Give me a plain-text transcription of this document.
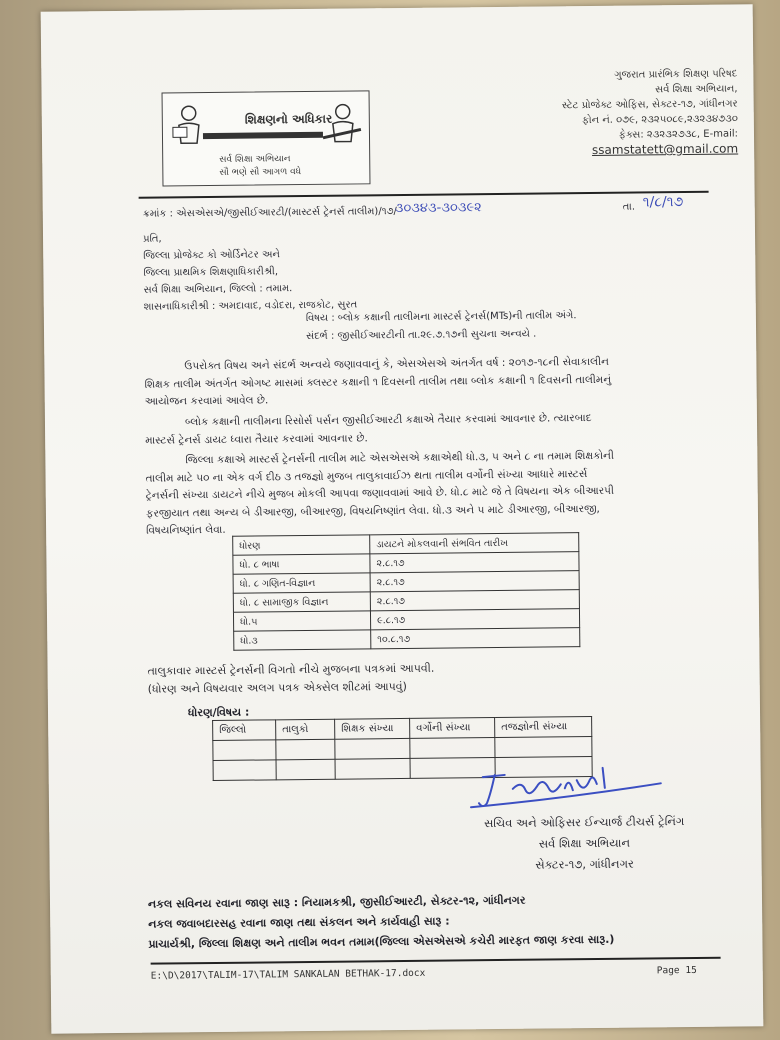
શિક્ષણનો અધિકાર
સર્વ શિક્ષા અભિયાન
સૌ ભણે સૌ આગળ વધે
ગુજરાત પ્રારંભિક શિક્ષણ પરિષદ
સર્વ શિક્ષા અભિયાન,
સ્ટેટ પ્રોજેક્ટ ઓફિસ, સેક્ટર-૧૭, ગાંધીનગર
ફોન નં. ૦૭૯, ૨૩૨૫૦૮૯,૨૩૨૩૪૭૩૦
ફેક્સ: ૨૩૨૩૨૭૩૮, E-mail:
ssamstatett@gmail.com
ક્રમાંક : એસએસએ/જીસીઈઆરટી/(માસ્ટર્સ ટ્રેનર્સ તાલીમ)/૧૭/
૩૦૩૪૩-૩૦૩૯૨	તા. ૧/૮/૧૭
પ્રતિ,
જિલ્લા પ્રોજેક્ટ કો ઓર્ડિનેટર અને
જિલ્લા પ્રાથમિક શિક્ષણાધિકારીશ્રી,
સર્વ શિક્ષા અભિયાન, જિલ્લો : તમામ.
શાસનાધિકારીશ્રી : અમદાવાદ, વડોદરા, રાજકોટ, સુરત
વિષય : બ્લોક કક્ષાની તાલીમના માસ્ટર્સ ટ્રેનર્સ(MTs)ની તાલીમ અંગે.
સંદર્ભ : જીસીઈઆરટીની તા.૨૯.૭.૧૭ની સુચના અન્વયે .
ઉપરોક્ત વિષય અને સંદર્ભ અન્વયે જણાવવાનું કે, એસએસએ અંતર્ગત વર્ષ : ૨૦૧૭-૧૮ની સેવાકાલીન
શિક્ષક તાલીમ અંતર્ગત ઓગષ્ટ માસમાં ક્લસ્ટર કક્ષાની ૧ દિવસની તાલીમ તથા બ્લોક કક્ષાની ૧ દિવસની તાલીમનું
આયોજન કરવામાં આવેલ છે.
બ્લોક કક્ષાની તાલીમના રિસોર્સ પર્સન જીસીઈઆરટી કક્ષાએ તૈયાર કરવામાં આવનાર છે. ત્યારબાદ
માસ્ટર્સ ટ્રેનર્સ ડાયટ ધ્વારા તૈયાર કરવામાં આવનાર છે.
જિલ્લા કક્ષાએ માસ્ટર્સ ટ્રેનર્સની તાલીમ માટે એસએસએ કક્ષાએથી ધો.૩, ૫ અને ૮ ના તમામ શિક્ષકોની
તાલીમ માટે ૫૦ ના એક વર્ગ દીઠ ૩ તજજ્ઞો મુજબ તાલુકાવાઈઝ થતા તાલીમ વર્ગોની સંખ્યા આધારે માસ્ટર્સ
ટ્રેનર્સની સંખ્યા ડાયટને નીચે મુજબ મોકલી આપવા જણાવવામાં આવે છે. ધો.૮ માટે જે તે વિષયના એક બીઆરપી
ફરજીયાત તથા અન્ય બે ડીઆરજી, બીઆરજી, વિષયનિષ્ણાંત લેવા. ધો.૩ અને ૫ માટે ડીઆરજી, બીઆરજી,
વિષયનિષ્ણાંત લેવા.
ધોરણ	ડાયટને મોકલવાની સંભવિત તારીખ
ધો. ૮ ભાષા	૨.૮.૧૭
ધો. ૮ ગણિત-વિજ્ઞાન	૨.૮.૧૭
ધો. ૮ સામાજીક વિજ્ઞાન	૨.૮.૧૭
ધો.૫	૯.૮.૧૭
ધો.૩	૧૦.૮.૧૭
તાલુકાવાર માસ્ટર્સ ટ્રેનર્સની વિગતો નીચે મુજબના પત્રકમાં આપવી.
(ધોરણ અને વિષયવાર અલગ પત્રક એક્સેલ શીટમાં આપવું)
ધોરણ/વિષય :
જિલ્લો	તાલુકો	શિક્ષક સંખ્યા	વર્ગોની સંખ્યા	તજજ્ઞોની સંખ્યા

સચિવ અને ઓફિસર ઈન્ચાર્જ ટીચર્સ ટ્રેનિંગ
સર્વ શિક્ષા અભિયાન
સેક્ટર-૧૭, ગાંધીનગર
નકલ સવિનય રવાના જાણ સારૂ : નિયામકશ્રી, જીસીઈઆરટી, સેક્ટર-૧૨, ગાંધીનગર
નકલ જવાબદારસહ રવાના જાણ તથા સંકલન અને કાર્યવાહી સારૂ :
પ્રાચાર્યશ્રી, જિલ્લા શિક્ષણ અને તાલીમ ભવન તમામ(જિલ્લા એસએસએ કચેરી મારફત જાણ કરવા સારૂ.)
E:\D\2017\TALIM-17\TALIM SANKALAN BETHAK-17.docx	Page 15
